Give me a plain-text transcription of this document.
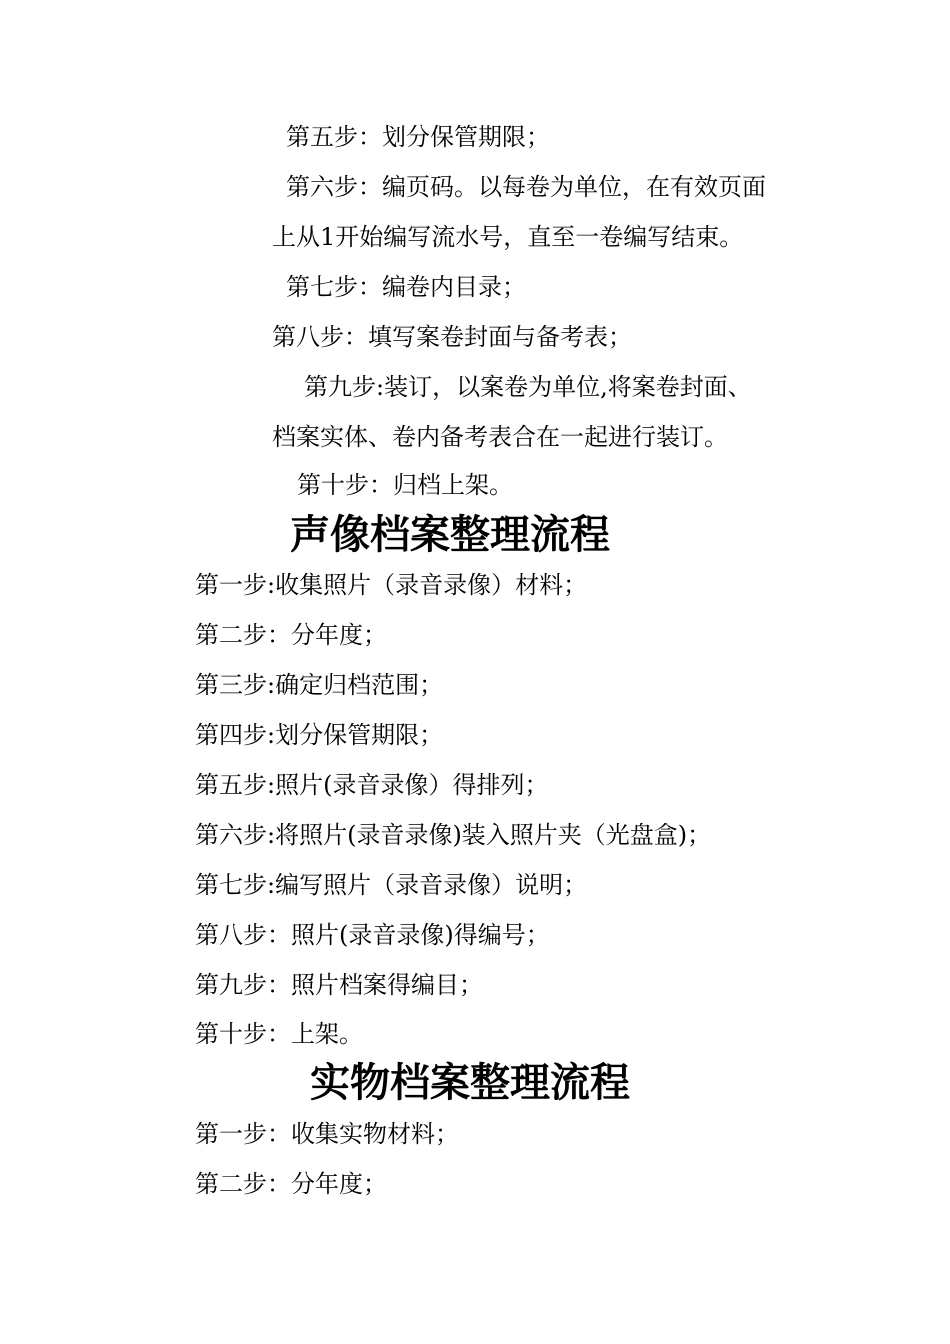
第五步：划分保管期限；
第六步：编页码。以每卷为单位，在有效页面
上从1开始编写流水号，直至一卷编写结束。
第七步：编卷内目录；
第八步：填写案卷封面与备考表；
第九步:装订，以案卷为单位,将案卷封面、
档案实体、卷内备考表合在一起进行装订。
第十步：归档上架。
声像档案整理流程
第一步:收集照片（录音录像）材料；
第二步：分年度；
第三步:确定归档范围；
第四步:划分保管期限；
第五步:照片(录音录像）得排列；
第六步:将照片(录音录像)装入照片夹（光盘盒)；
第七步:编写照片（录音录像）说明；
第八步：照片(录音录像)得编号；
第九步：照片档案得编目；
第十步：上架。
实物档案整理流程
第一步：收集实物材料；
第二步：分年度；
